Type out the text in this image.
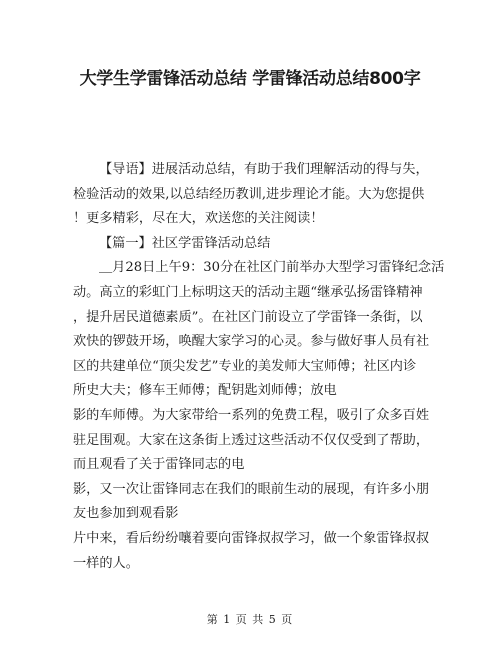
大学生学雷锋活动总结 学雷锋活动总结800字
【导语】进展活动总结，有助于我们理解活动的得与失，
检验活动的效果,以总结经历教训,进步理论才能。大为您提供
！更多精彩，尽在大，欢送您的关注阅读！
【篇一】社区学雷锋活动总结
＿月28日上午9：30分在社区门前举办大型学习雷锋纪念活
动。高立的彩虹门上标明这天的活动主题“继承弘扬雷锋精神
，提升居民道德素质”。在社区门前设立了学雷锋一条街，以
欢快的锣鼓开场，唤醒大家学习的心灵。参与做好事人员有社
区的共建单位“顶尖发艺”专业的美发师大宝师傅；社区内诊
所史大夫；修车王师傅；配钥匙刘师傅；放电
影的车师傅。为大家带给一系列的免费工程，吸引了众多百姓
驻足围观。大家在这条街上透过这些活动不仅仅受到了帮助，
而且观看了关于雷锋同志的电
影，又一次让雷锋同志在我们的眼前生动的展现，有许多小朋
友也参加到观看影
片中来，看后纷纷嚷着要向雷锋叔叔学习，做一个象雷锋叔叔
一样的人。
第 1 页 共 5 页
